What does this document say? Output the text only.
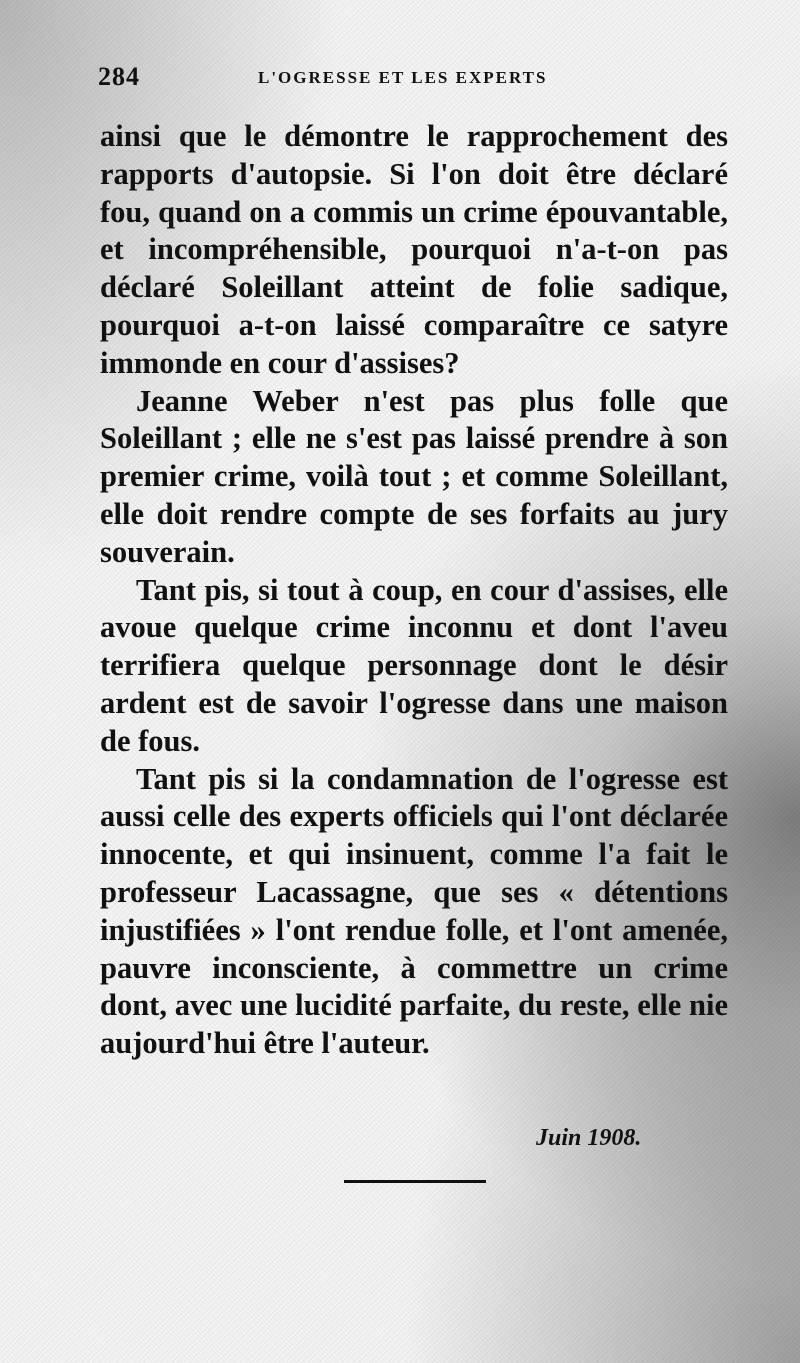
284	L'OGRESSE ET LES EXPERTS

ainsi que le démontre le rapprochement des rapports d'autopsie. Si l'on doit être déclaré fou, quand on a commis un crime épouvantable, et incompréhensible, pourquoi n'a-t-on pas déclaré Soleillant atteint de folie sadique, pourquoi a-t-on laissé comparaître ce satyre immonde en cour d'assises?

Jeanne Weber n'est pas plus folle que Soleillant ; elle ne s'est pas laissé prendre à son premier crime, voilà tout ; et comme Soleillant, elle doit rendre compte de ses forfaits au jury souverain.

Tant pis, si tout à coup, en cour d'assises, elle avoue quelque crime inconnu et dont l'aveu terrifiera quelque personnage dont le désir ardent est de savoir l'ogresse dans une maison de fous.

Tant pis si la condamnation de l'ogresse est aussi celle des experts officiels qui l'ont déclarée innocente, et qui insinuent, comme l'a fait le professeur Lacassagne, que ses « détentions injustifiées » l'ont rendue folle, et l'ont amenée, pauvre inconsciente, à commettre un crime dont, avec une lucidité parfaite, du reste, elle nie aujourd'hui être l'auteur.

Juin 1908.
